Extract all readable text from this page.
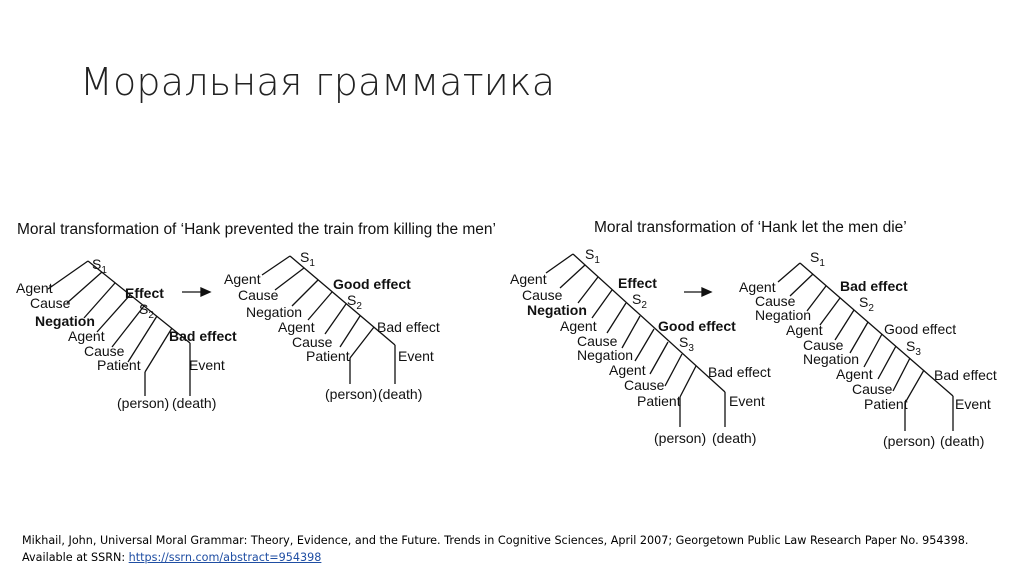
Моральная грамматика
Moral transformation of ‘Hank prevented the train from killing the men’	Moral transformation of ‘Hank let the men die’
$S_1$
Agent	Effect
Cause	$S_2$
Negation
Agent	Bad effect
Cause
Patient	Event
(person) (death)
$S_1$
Agent	Good effect
Cause	$S_2$
Negation
Agent	Bad effect
Cause
Patient	Event
(person) (death)
$S_1$
Agent	Effect
Cause	$S_2$
Negation
Agent	Good effect
Cause	$S_3$
Negation
Agent	Bad effect
Cause
Patient	Event
(person) (death)
$S_1$
Agent	Bad effect
Cause	$S_2$
Negation
Agent	Good effect
Cause	$S_3$
Negation
Agent	Bad effect
Cause
Patient	Event
(person) (death)
Mikhail, John, Universal Moral Grammar: Theory, Evidence, and the Future. Trends in Cognitive Sciences, April 2007; Georgetown Public Law Research Paper No. 954398.
Available at SSRN: https://ssrn.com/abstract=954398
